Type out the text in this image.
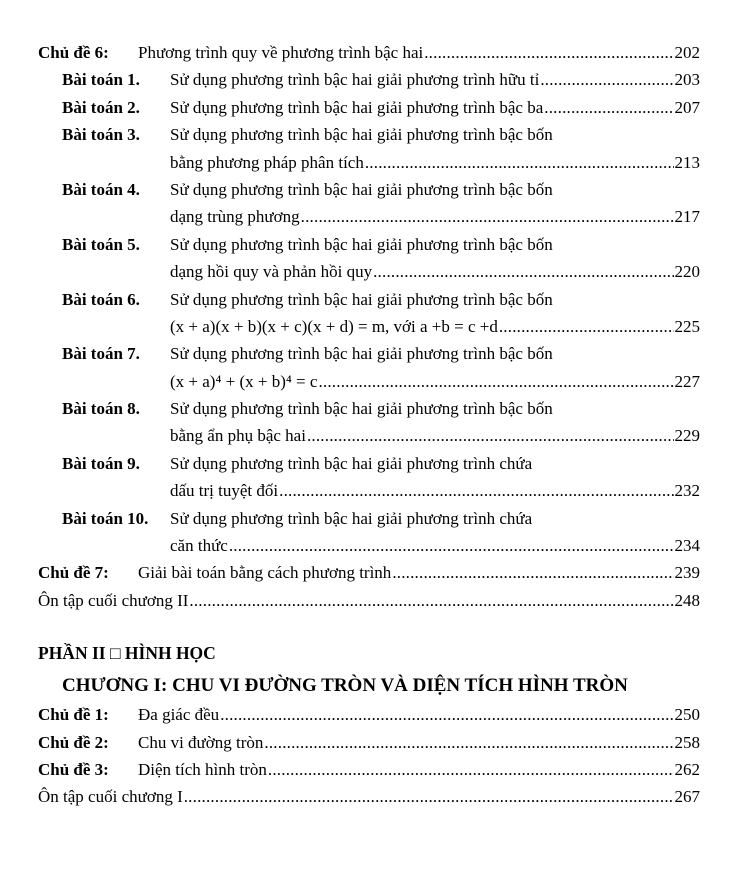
Chủ đề 6:	Phương trình quy về phương trình bậc hai .....	202
Bài toán 1.	Sử dụng phương trình bậc hai giải phương trình hữu tỉ .....	203
Bài toán 2.	Sử dụng phương trình bậc hai giải phương trình bậc ba .....	207
Bài toán 3.	Sử dụng phương trình bậc hai giải phương trình bậc bốn
bằng phương pháp phân tích .....	213
Bài toán 4.	Sử dụng phương trình bậc hai giải phương trình bậc bốn
dạng trùng phương .....	217
Bài toán 5.	Sử dụng phương trình bậc hai giải phương trình bậc bốn
dạng hồi quy và phản hồi quy .....	220
Bài toán 6.	Sử dụng phương trình bậc hai giải phương trình bậc bốn
(x + a)(x + b)(x + c)(x + d) = m, với a +b = c +d .....	225
Bài toán 7.	Sử dụng phương trình bậc hai giải phương trình bậc bốn
(x + a)⁴ + (x + b)⁴ = c .....	227
Bài toán 8.	Sử dụng phương trình bậc hai giải phương trình bậc bốn
bằng ẩn phụ bậc hai .....	229
Bài toán 9.	Sử dụng phương trình bậc hai giải phương trình chứa
dấu trị tuyệt đối .....	232
Bài toán 10.	Sử dụng phương trình bậc hai giải phương trình chứa
căn thức .....	234
Chủ đề 7:	Giải bài toán bằng cách phương trình .....	239
Ôn tập cuối chương II .....	248
PHẦN II □ HÌNH HỌC
CHƯƠNG I: CHU VI ĐƯỜNG TRÒN VÀ DIỆN TÍCH HÌNH TRÒN
Chủ đề 1:	Đa giác đều .....	250
Chủ đề 2:	Chu vi đường tròn .....	258
Chủ đề 3:	Diện tích hình tròn .....	262
Ôn tập cuối chương I .....	267
